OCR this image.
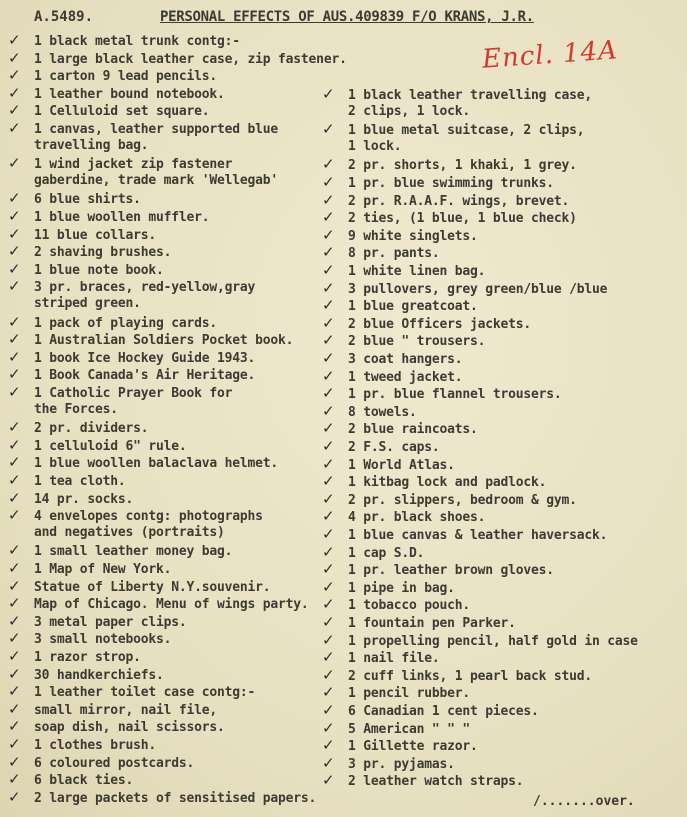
A.5489.	PERSONAL EFFECTS OF AUS.409839 F/O KRANS, J.R.
Encl. 14A
✓ 1 black metal trunk contg:-
✓ 1 large black leather case, zip fastener.
✓ 1 carton 9 lead pencils.
✓ 1 leather bound notebook.
✓ 1 Celluloid set square.
✓ 1 canvas, leather supported blue
travelling bag.
✓ 1 wind jacket zip fastener
gaberdine, trade mark 'Wellegab'
✓ 6 blue shirts.
✓ 1 blue woollen muffler.
✓ 11 blue collars.
✓ 2 shaving brushes.
✓ 1 blue note book.
✓ 3 pr. braces, red-yellow,gray
striped green.
✓ 1 pack of playing cards.
✓ 1 Australian Soldiers Pocket book.
✓ 1 book Ice Hockey Guide 1943.
✓ 1 Book Canada's Air Heritage.
✓ 1 Catholic Prayer Book for
the Forces.
✓ 2 pr. dividers.
✓ 1 celluloid 6" rule.
✓ 1 blue woollen balaclava helmet.
✓ 1 tea cloth.
✓ 14 pr. socks.
✓ 4 envelopes contg: photographs
and negatives (portraits)
✓ 1 small leather money bag.
✓ 1 Map of New York.
✓ Statue of Liberty N.Y.souvenir.
✓ Map of Chicago. Menu of wings party.
✓ 3 metal paper clips.
✓ 3 small notebooks.
✓ 1 razor strop.
✓ 30 handkerchiefs.
✓ 1 leather toilet case contg:-
✓ small mirror, nail file,
✓ soap dish, nail scissors.
✓ 1 clothes brush.
✓ 6 coloured postcards.
✓ 6 black ties.
✓ 2 large packets of sensitised papers.
✓ 1 black leather travelling case,
2 clips, 1 lock.
✓ 1 blue metal suitcase, 2 clips,
1 lock.
✓ 2 pr. shorts, 1 khaki, 1 grey.
✓ 1 pr. blue swimming trunks.
✓ 2 pr. R.A.A.F. wings, brevet.
✓ 2 ties, (1 blue, 1 blue check)
✓ 9 white singlets.
✓ 8 pr. pants.
✓ 1 white linen bag.
✓ 3 pullovers, grey green/blue /blue
✓ 1 blue greatcoat.
✓ 2 blue Officers jackets.
✓ 2 blue " trousers.
✓ 3 coat hangers.
✓ 1 tweed jacket.
✓ 1 pr. blue flannel trousers.
✓ 8 towels.
✓ 2 blue raincoats.
✓ 2 F.S. caps.
✓ 1 World Atlas.
✓ 1 kitbag lock and padlock.
✓ 2 pr. slippers, bedroom & gym.
✓ 4 pr. black shoes.
✓ 1 blue canvas & leather haversack.
✓ 1 cap S.D.
✓ 1 pr. leather brown gloves.
✓ 1 pipe in bag.
✓ 1 tobacco pouch.
✓ 1 fountain pen Parker.
✓ 1 propelling pencil, half gold in case
✓ 1 nail file.
✓ 2 cuff links, 1 pearl back stud.
✓ 1 pencil rubber.
✓ 6 Canadian 1 cent pieces.
✓ 5 American " " "
✓ 1 Gillette razor.
✓ 3 pr. pyjamas.
✓ 2 leather watch straps.
/.......over.
